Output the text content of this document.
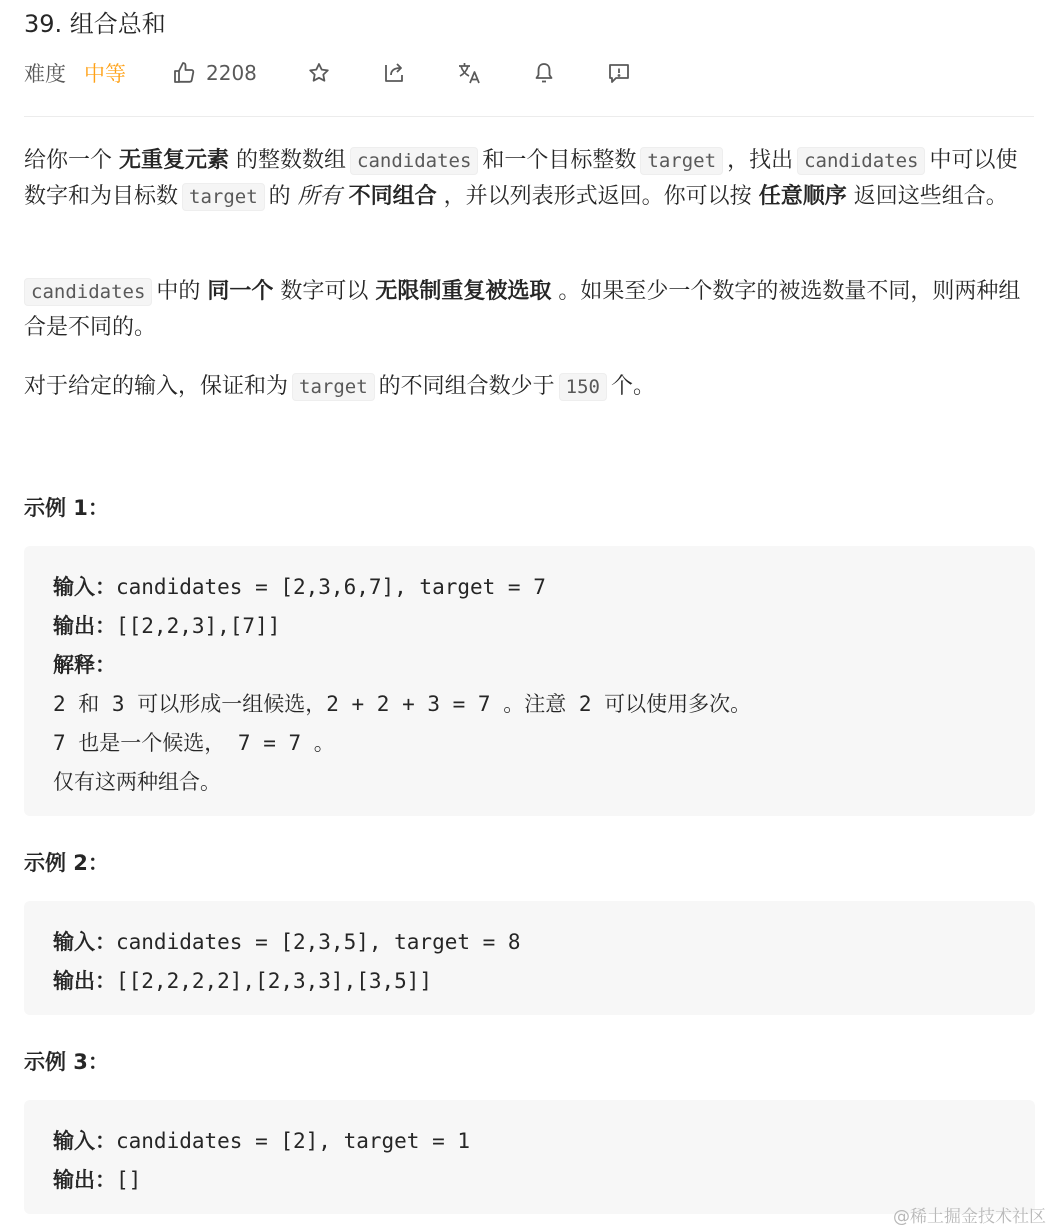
39. 组合总和
难度 中等	2208

给你一个 无重复元素 的整数数组 candidates 和一个目标整数 target ，找出 candidates 中可以使数字和为目标数 target 的 所有 不同组合 ，并以列表形式返回。你可以按 任意顺序 返回这些组合。

candidates 中的 同一个 数字可以 无限制重复被选取 。如果至少一个数字的被选数量不同，则两种组合是不同的。

对于给定的输入，保证和为 target 的不同组合数少于 150 个。

示例 1：
输入：candidates = [2,3,6,7], target = 7
输出：[[2,2,3],[7]]
解释：
2 和 3 可以形成一组候选，2 + 2 + 3 = 7 。注意 2 可以使用多次。
7 也是一个候选， 7 = 7 。
仅有这两种组合。
示例 2：
输入：candidates = [2,3,5], target = 8
输出：[[2,2,2,2],[2,3,3],[3,5]]
示例 3：
输入：candidates = [2], target = 1
输出：[]
@稀土掘金技术社区
